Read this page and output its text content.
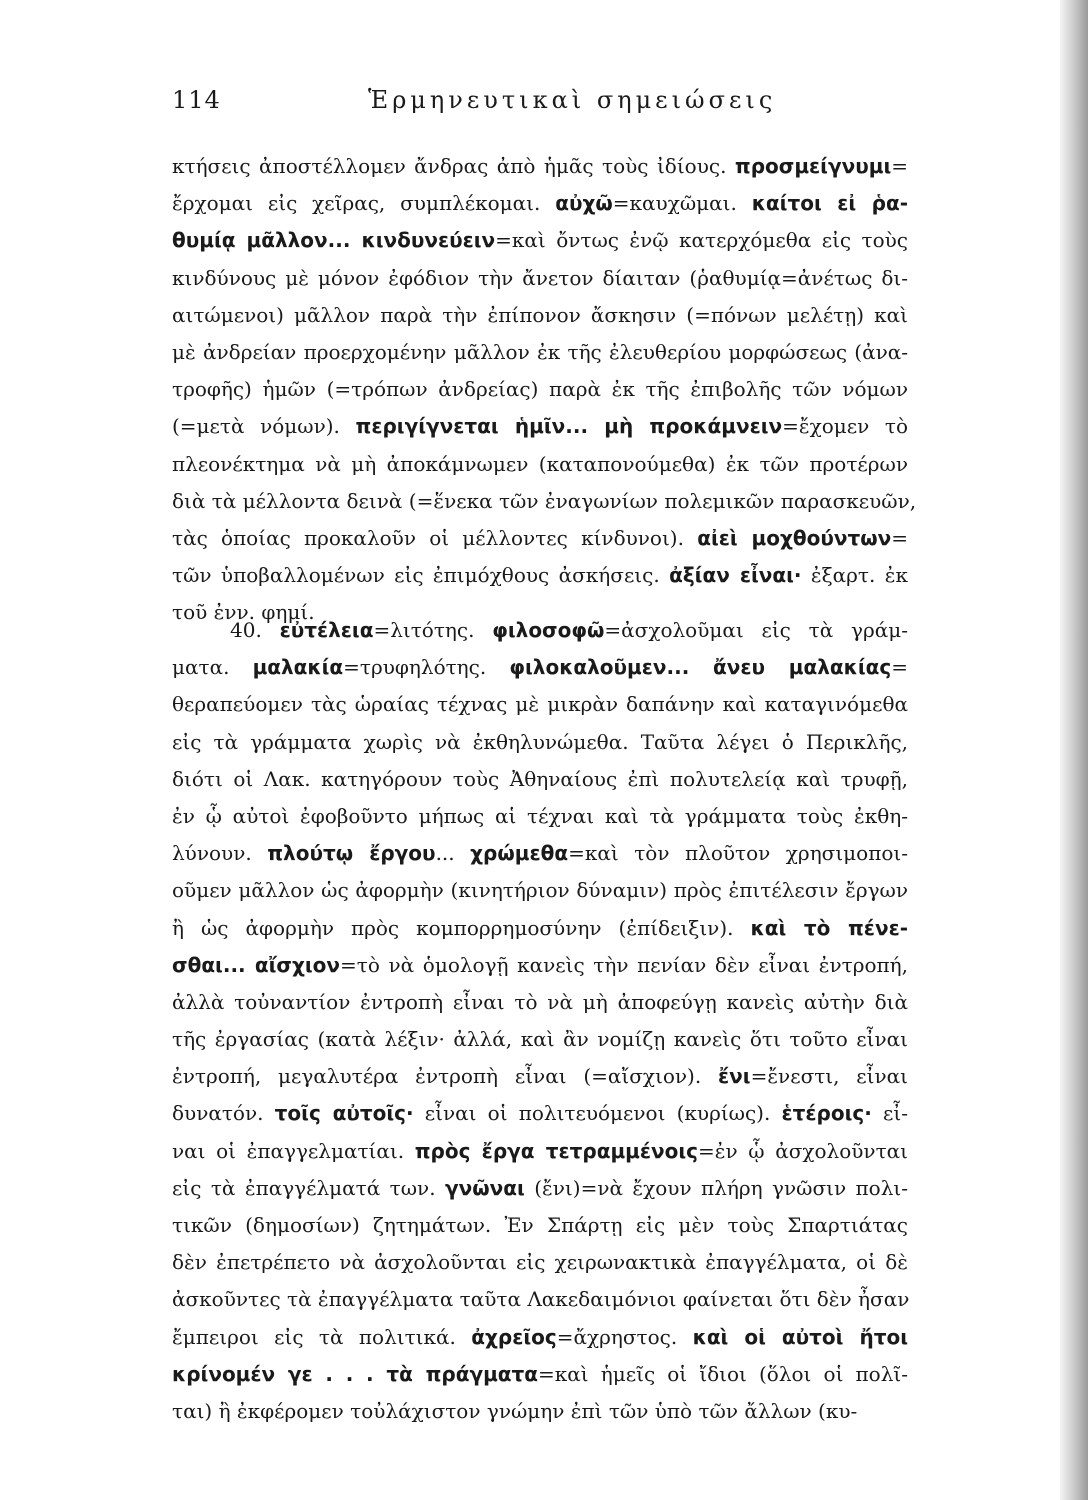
114	Ἑρμηνευτικαὶ σημειώσεις
κτήσεις ἀποστέλλομεν ἄνδρας ἀπὸ ἡμᾶς τοὺς ἰδίους. προσμείγνυμι=
ἔρχομαι εἰς χεῖρας, συμπλέκομαι. αὐχῶ=καυχῶμαι. καίτοι εἰ ῥα-
θυμίᾳ μᾶλλον... κινδυνεύειν=καὶ ὄντως ἐνῷ κατερχόμεθα εἰς τοὺς
κινδύνους μὲ μόνον ἐφόδιον τὴν ἄνετον δίαιταν (ῥαθυμίᾳ=ἀνέτως δι-
αιτώμενοι) μᾶλλον παρὰ τὴν ἐπίπονον ἄσκησιν (=πόνων μελέτῃ) καὶ
μὲ ἀνδρείαν προερχομένην μᾶλλον ἐκ τῆς ἐλευθερίου μορφώσεως (ἀνα-
τροφῆς) ἡμῶν (=τρόπων ἀνδρείας) παρὰ ἐκ τῆς ἐπιβολῆς τῶν νόμων
(=μετὰ νόμων). περιγίγνεται ἡμῖν... μὴ προκάμνειν=ἔχομεν τὸ
πλεονέκτημα νὰ μὴ ἀποκάμνωμεν (καταπονούμεθα) ἐκ τῶν προτέρων
διὰ τὰ μέλλοντα δεινὰ (=ἕνεκα τῶν ἐναγωνίων πολεμικῶν παρασκευῶν,
τὰς ὁποίας προκαλοῦν οἱ μέλλοντες κίνδυνοι). αἰεὶ μοχθούντων=
τῶν ὑποβαλλομένων εἰς ἐπιμόχθους ἀσκήσεις. ἀξίαν εἶναι· ἐξαρτ. ἐκ
τοῦ ἐνν. φημί.
40. εὐτέλεια=λιτότης. φιλοσοφῶ=ἀσχολοῦμαι εἰς τὰ γράμ-
ματα. μαλακία=τρυφηλότης. φιλοκαλοῦμεν... ἄνευ μαλακίας=
θεραπεύομεν τὰς ὡραίας τέχνας μὲ μικρὰν δαπάνην καὶ καταγινόμεθα
εἰς τὰ γράμματα χωρὶς νὰ ἐκθηλυνώμεθα. Ταῦτα λέγει ὁ Περικλῆς,
διότι οἱ Λακ. κατηγόρουν τοὺς Ἀθηναίους ἐπὶ πολυτελείᾳ καὶ τρυφῇ,
ἐν ᾧ αὐτοὶ ἐφοβοῦντο μήπως αἱ τέχναι καὶ τὰ γράμματα τοὺς ἐκθη-
λύνουν. πλούτῳ ἔργου... χρώμεθα=καὶ τὸν πλοῦτον χρησιμοποι-
οῦμεν μᾶλλον ὡς ἀφορμὴν (κινητήριον δύναμιν) πρὸς ἐπιτέλεσιν ἔργων
ἢ ὡς ἀφορμὴν πρὸς κομπορρημοσύνην (ἐπίδειξιν). καὶ τὸ πένε-
σθαι... αἴσχιον=τὸ νὰ ὁμολογῇ κανεὶς τὴν πενίαν δὲν εἶναι ἐντροπή,
ἀλλὰ τοὐναντίον ἐντροπὴ εἶναι τὸ νὰ μὴ ἀποφεύγῃ κανεὶς αὐτὴν διὰ
τῆς ἐργασίας (κατὰ λέξιν· ἀλλά, καὶ ἂν νομίζῃ κανεὶς ὅτι τοῦτο εἶναι
ἐντροπή, μεγαλυτέρα ἐντροπὴ εἶναι (=αἴσχιον). ἔνι=ἔνεστι, εἶναι
δυνατόν. τοῖς αὐτοῖς· εἶναι οἱ πολιτευόμενοι (κυρίως). ἑτέροις· εἶ-
ναι οἱ ἐπαγγελματίαι. πρὸς ἔργα τετραμμένοις=ἐν ᾧ ἀσχολοῦνται
εἰς τὰ ἐπαγγέλματά των. γνῶναι (ἔνι)=νὰ ἔχουν πλήρη γνῶσιν πολι-
τικῶν (δημοσίων) ζητημάτων. Ἐν Σπάρτῃ εἰς μὲν τοὺς Σπαρτιάτας
δὲν ἐπετρέπετο νὰ ἀσχολοῦνται εἰς χειρωνακτικὰ ἐπαγγέλματα, οἱ δὲ
ἀσκοῦντες τὰ ἐπαγγέλματα ταῦτα Λακεδαιμόνιοι φαίνεται ὅτι δὲν ἦσαν
ἔμπειροι εἰς τὰ πολιτικά. ἀχρεῖος=ἄχρηστος. καὶ οἱ αὐτοὶ ἤτοι
κρίνομέν γε . . . τὰ πράγματα=καὶ ἡμεῖς οἱ ἴδιοι (ὅλοι οἱ πολῖ-
ται) ἢ ἐκφέρομεν τοὐλάχιστον γνώμην ἐπὶ τῶν ὑπὸ τῶν ἄλλων (κυ-
